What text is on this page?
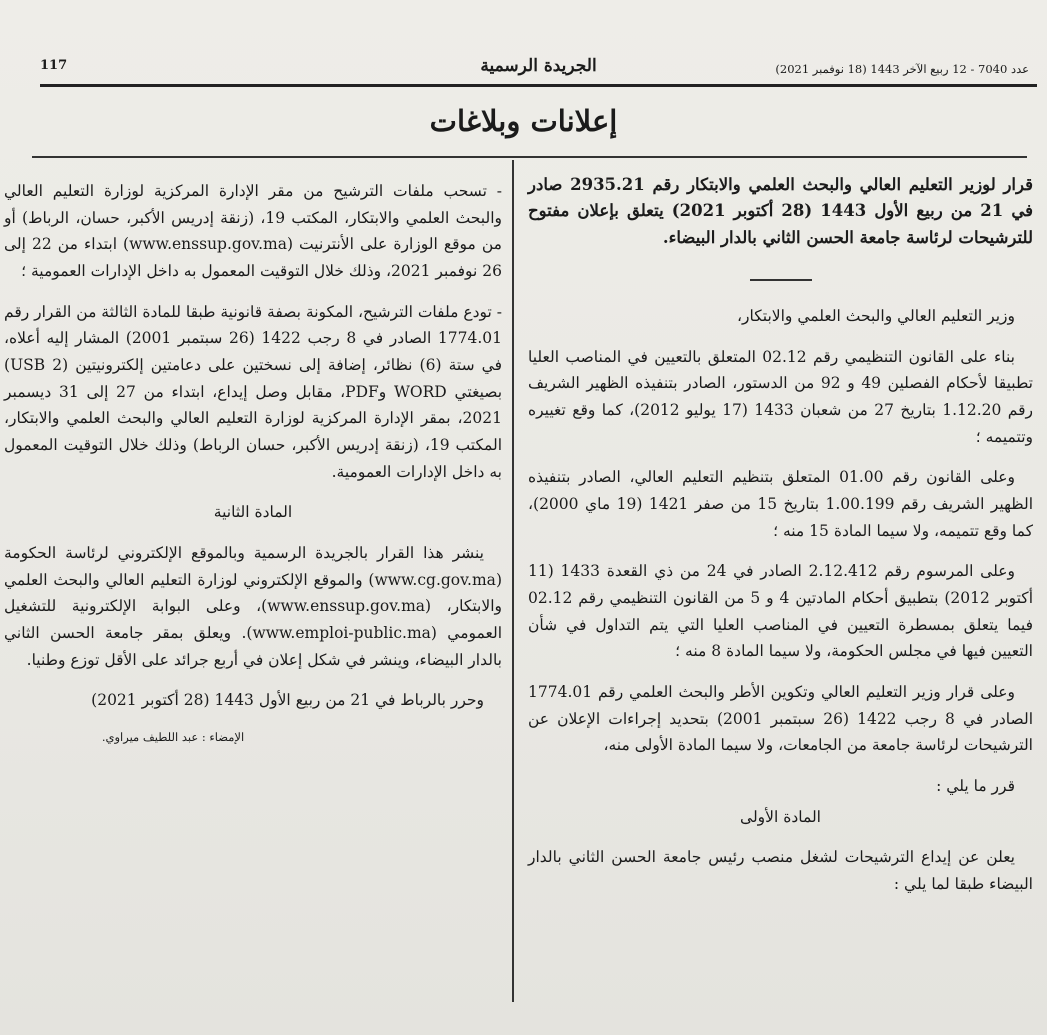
عدد 7040 - 12 ربيع الآخر 1443 (18 نوفمبر 2021)
الجريدة الرسمية
117
إعلانات وبلاغات

قرار لوزير التعليم العالي والبحث العلمي والابتكار رقم 2935.21 صادر في 21 من ربيع الأول 1443 (28 أكتوبر 2021) يتعلق بإعلان مفتوح للترشيحات لرئاسة جامعة الحسن الثاني بالدار البيضاء.

وزير التعليم العالي والبحث العلمي والابتكار،

بناء على القانون التنظيمي رقم 02.12 المتعلق بالتعيين في المناصب العليا تطبيقا لأحكام الفصلين 49 و 92 من الدستور، الصادر بتنفيذه الظهير الشريف رقم 1.12.20 بتاريخ 27 من شعبان 1433 (17 يوليو 2012)، كما وقع تغييره وتتميمه ؛

وعلى القانون رقم 01.00 المتعلق بتنظيم التعليم العالي، الصادر بتنفيذه الظهير الشريف رقم 1.00.199 بتاريخ 15 من صفر 1421 (19 ماي 2000)، كما وقع تتميمه، ولا سيما المادة 15 منه ؛

وعلى المرسوم رقم 2.12.412 الصادر في 24 من ذي القعدة 1433 (11 أكتوبر 2012) بتطبيق أحكام المادتين 4 و 5 من القانون التنظيمي رقم 02.12 فيما يتعلق بمسطرة التعيين في المناصب العليا التي يتم التداول في شأن التعيين فيها في مجلس الحكومة، ولا سيما المادة 8 منه ؛

وعلى قرار وزير التعليم العالي وتكوين الأطر والبحث العلمي رقم 1774.01 الصادر في 8 رجب 1422 (26 سبتمبر 2001) بتحديد إجراءات الإعلان عن الترشيحات لرئاسة جامعة من الجامعات، ولا سيما المادة الأولى منه،

قرر ما يلي :

المادة الأولى

يعلن عن إيداع الترشيحات لشغل منصب رئيس جامعة الحسن الثاني بالدار البيضاء طبقا لما يلي :

- تسحب ملفات الترشيح من مقر الإدارة المركزية لوزارة التعليم العالي والبحث العلمي والابتكار، المكتب 19، (زنقة إدريس الأكبر، حسان، الرباط) أو من موقع الوزارة على الأنترنيت (www.enssup.gov.ma) ابتداء من 22 إلى 26 نوفمبر 2021، وذلك خلال التوقيت المعمول به داخل الإدارات العمومية ؛

- تودع ملفات الترشيح، المكونة بصفة قانونية طبقا للمادة الثالثة من القرار رقم 1774.01 الصادر في 8 رجب 1422 (26 سبتمبر 2001) المشار إليه أعلاه، في ستة (6) نظائر، إضافة إلى نسختين على دعامتين إلكترونيتين (2 USB) بصيغتي WORD وPDF، مقابل وصل إيداع، ابتداء من 27 إلى 31 ديسمبر 2021، بمقر الإدارة المركزية لوزارة التعليم العالي والبحث العلمي والابتكار، المكتب 19، (زنقة إدريس الأكبر، حسان الرباط) وذلك خلال التوقيت المعمول به داخل الإدارات العمومية.

المادة الثانية

ينشر هذا القرار بالجريدة الرسمية وبالموقع الإلكتروني لرئاسة الحكومة (www.cg.gov.ma) والموقع الإلكتروني لوزارة التعليم العالي والبحث العلمي والابتكار، (www.enssup.gov.ma)، وعلى البوابة الإلكترونية للتشغيل العمومي (www.emploi-public.ma). ويعلق بمقر جامعة الحسن الثاني بالدار البيضاء، وينشر في شكل إعلان في أربع جرائد على الأقل توزع وطنيا.

وحرر بالرباط في 21 من ربيع الأول 1443 (28 أكتوبر 2021)

الإمضاء : عبد اللطيف ميراوي.
